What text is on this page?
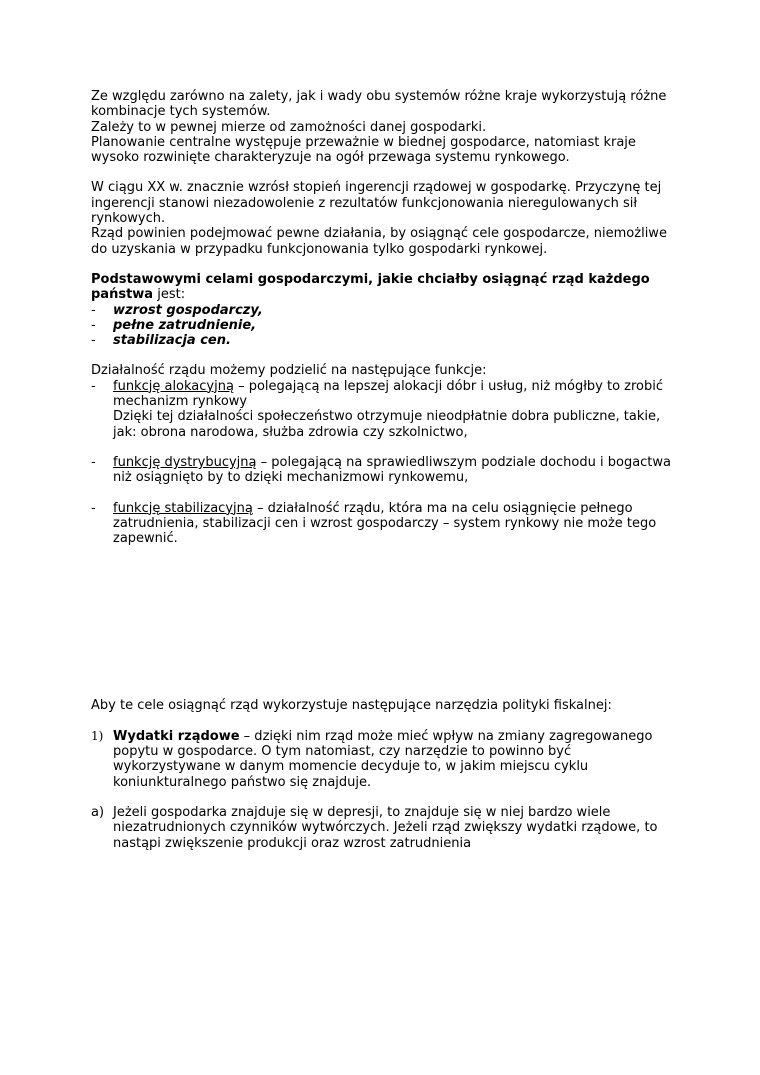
Ze względu zarówno na zalety, jak i wady obu systemów różne kraje wykorzystują różne kombinacje tych systemów.

Zależy to w pewnej mierze od zamożności danej gospodarki.

Planowanie centralne występuje przeważnie w biednej gospodarce, natomiast kraje wysoko rozwinięte charakteryzuje na ogół przewaga systemu rynkowego.

W ciągu XX w. znacznie wzrósł stopień ingerencji rządowej w gospodarkę. Przyczynę tej ingerencji stanowi niezadowolenie z rezultatów funkcjonowania nieregulowanych sił rynkowych.

Rząd powinien podejmować pewne działania, by osiągnąć cele gospodarcze, niemożliwe do uzyskania w przypadku funkcjonowania tylko gospodarki rynkowej.

Podstawowymi celami gospodarczymi, jakie chciałby osiągnąć rząd każdego państwa jest:

-	wzrost gospodarczy,
-	pełne zatrudnienie,
-	stabilizacja cen.

Działalność rządu możemy podzielić na następujące funkcje:

-	funkcję alokacyjną – polegającą na lepszej alokacji dóbr i usług, niż mógłby to zrobić mechanizm rynkowy

Dzięki tej działalności społeczeństwo otrzymuje nieodpłatnie dobra publiczne, takie, jak: obrona narodowa, służba zdrowia czy szkolnictwo,

-	funkcję dystrybucyjną – polegającą na sprawiedliwszym podziale dochodu i bogactwa niż osiągnięto by to dzięki mechanizmowi rynkowemu,
-	funkcję stabilizacyjną – działalność rządu, która ma na celu osiągnięcie pełnego zatrudnienia, stabilizacji cen i wzrost gospodarczy – system rynkowy nie może tego zapewnić.

Aby te cele osiągnąć rząd wykorzystuje następujące narzędzia polityki fiskalnej:

1) Wydatki rządowe – dzięki nim rząd może mieć wpływ na zmiany zagregowanego popytu w gospodarce. O tym natomiast, czy narzędzie to powinno być wykorzystywane w danym momencie decyduje to, w jakim miejscu cyklu koniunkturalnego państwo się znajduje.
a) Jeżeli gospodarka znajduje się w depresji, to znajduje się w niej bardzo wiele niezatrudnionych czynników wytwórczych. Jeżeli rząd zwiększy wydatki rządowe, to nastąpi zwiększenie produkcji oraz wzrost zatrudnienia
